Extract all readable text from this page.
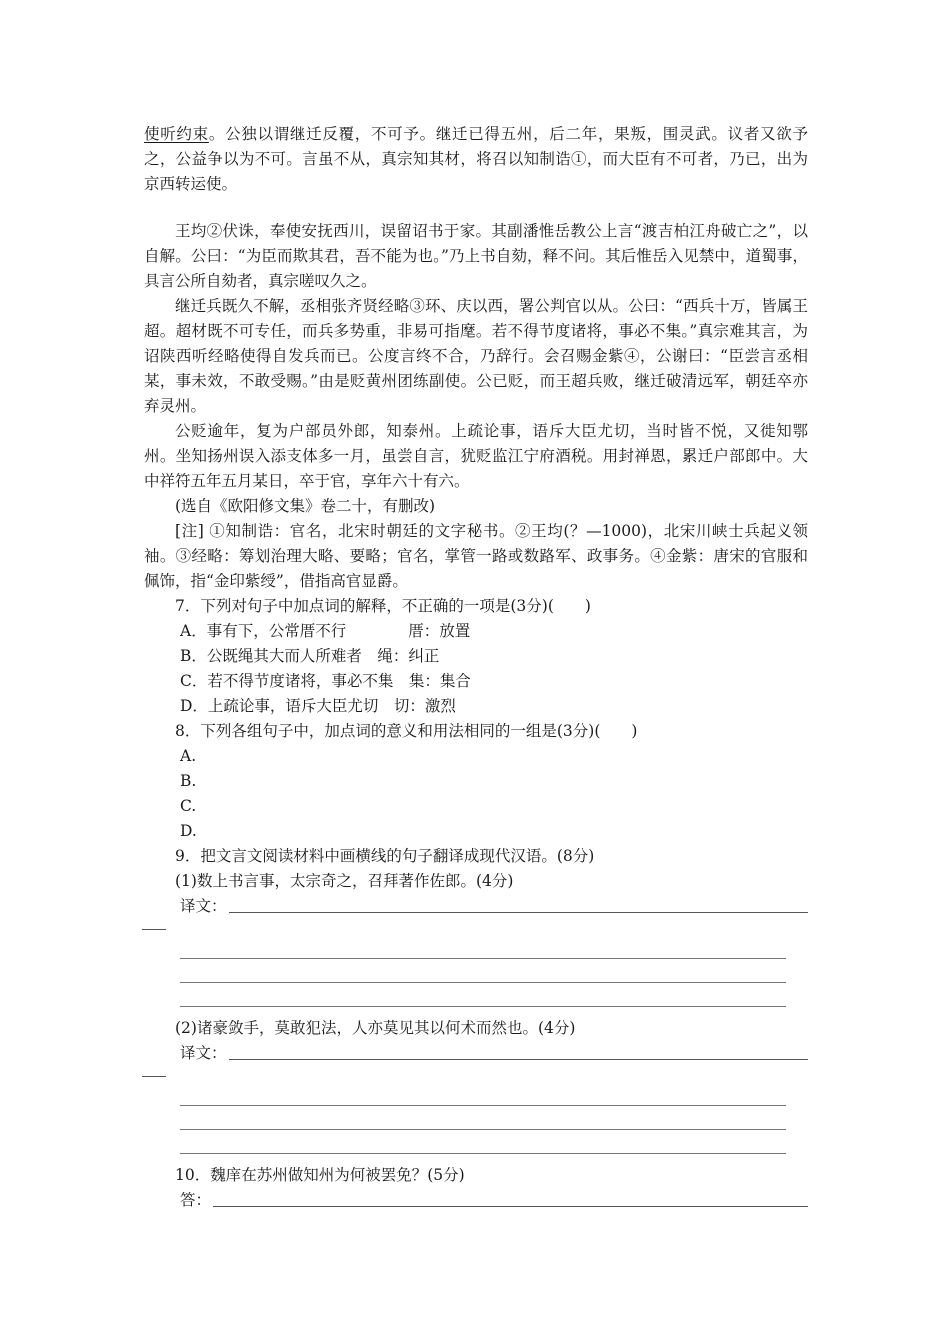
使听约束。公独以谓继迁反覆，不可予。继迁已得五州，后二年，果叛，围灵武。议者又欲予之，公益争以为不可。言虽不从，真宗知其材，将召以知制诰①，而大臣有不可者，乃已，出为京西转运使。

王均②伏诛，奉使安抚西川，误留诏书于家。其副潘惟岳教公上言“渡吉柏江舟破亡之”，以自解。公曰：“为臣而欺其君，吾不能为也。”乃上书自劾，释不问。其后惟岳入见禁中，道蜀事，具言公所自劾者，真宗嗟叹久之。

继迁兵既久不解，丞相张齐贤经略③环、庆以西，署公判官以从。公曰：“西兵十万，皆属王超。超材既不可专任，而兵多势重，非易可指麾。若不得节度诸将，事必不集。”真宗难其言，为诏陕西听经略使得自发兵而已。公度言终不合，乃辞行。会召赐金紫④，公谢曰：“臣尝言丞相某，事未效，不敢受赐。”由是贬黄州团练副使。公已贬，而王超兵败，继迁破清远军，朝廷卒亦弃灵州。

公贬逾年，复为户部员外郎，知泰州。上疏论事，语斥大臣尤切，当时皆不悦，又徙知鄂州。坐知扬州误入添支体多一月，虽尝自言，犹贬监江宁府酒税。用封禅恩，累迁户部郎中。大中祥符五年五月某日，卒于官，享年六十有六。

(选自《欧阳修文集》卷二十，有删改)

[注] ①知制诰：官名，北宋时朝廷的文字秘书。②王均(？—1000)，北宋川峡士兵起义领袖。③经略：筹划治理大略、要略；官名，掌管一路或数路军、政事务。④金紫：唐宋的官服和佩饰，指“金印紫绶”，借指高官显爵。

7．下列对句子中加点词的解释，不正确的一项是(3分)(　　)

A．事有下，公常厝不行　　　　厝：放置
B．公既绳其大而人所难者　绳：纠正
C．若不得节度诸将，事必不集　集：集合
D．上疏论事，语斥大臣尤切　切：激烈

8．下列各组句子中，加点词的意义和用法相同的一组是(3分)(　　)

A.
B.
C.
D.

9．把文言文阅读材料中画横线的句子翻译成现代汉语。(8分)

(1)数上书言事，太宗奇之，召拜著作佐郎。(4分)

译文：

(2)诸豪敛手，莫敢犯法，人亦莫见其以何术而然也。(4分)

译文：

10．魏庠在苏州做知州为何被罢免？(5分)

答：
